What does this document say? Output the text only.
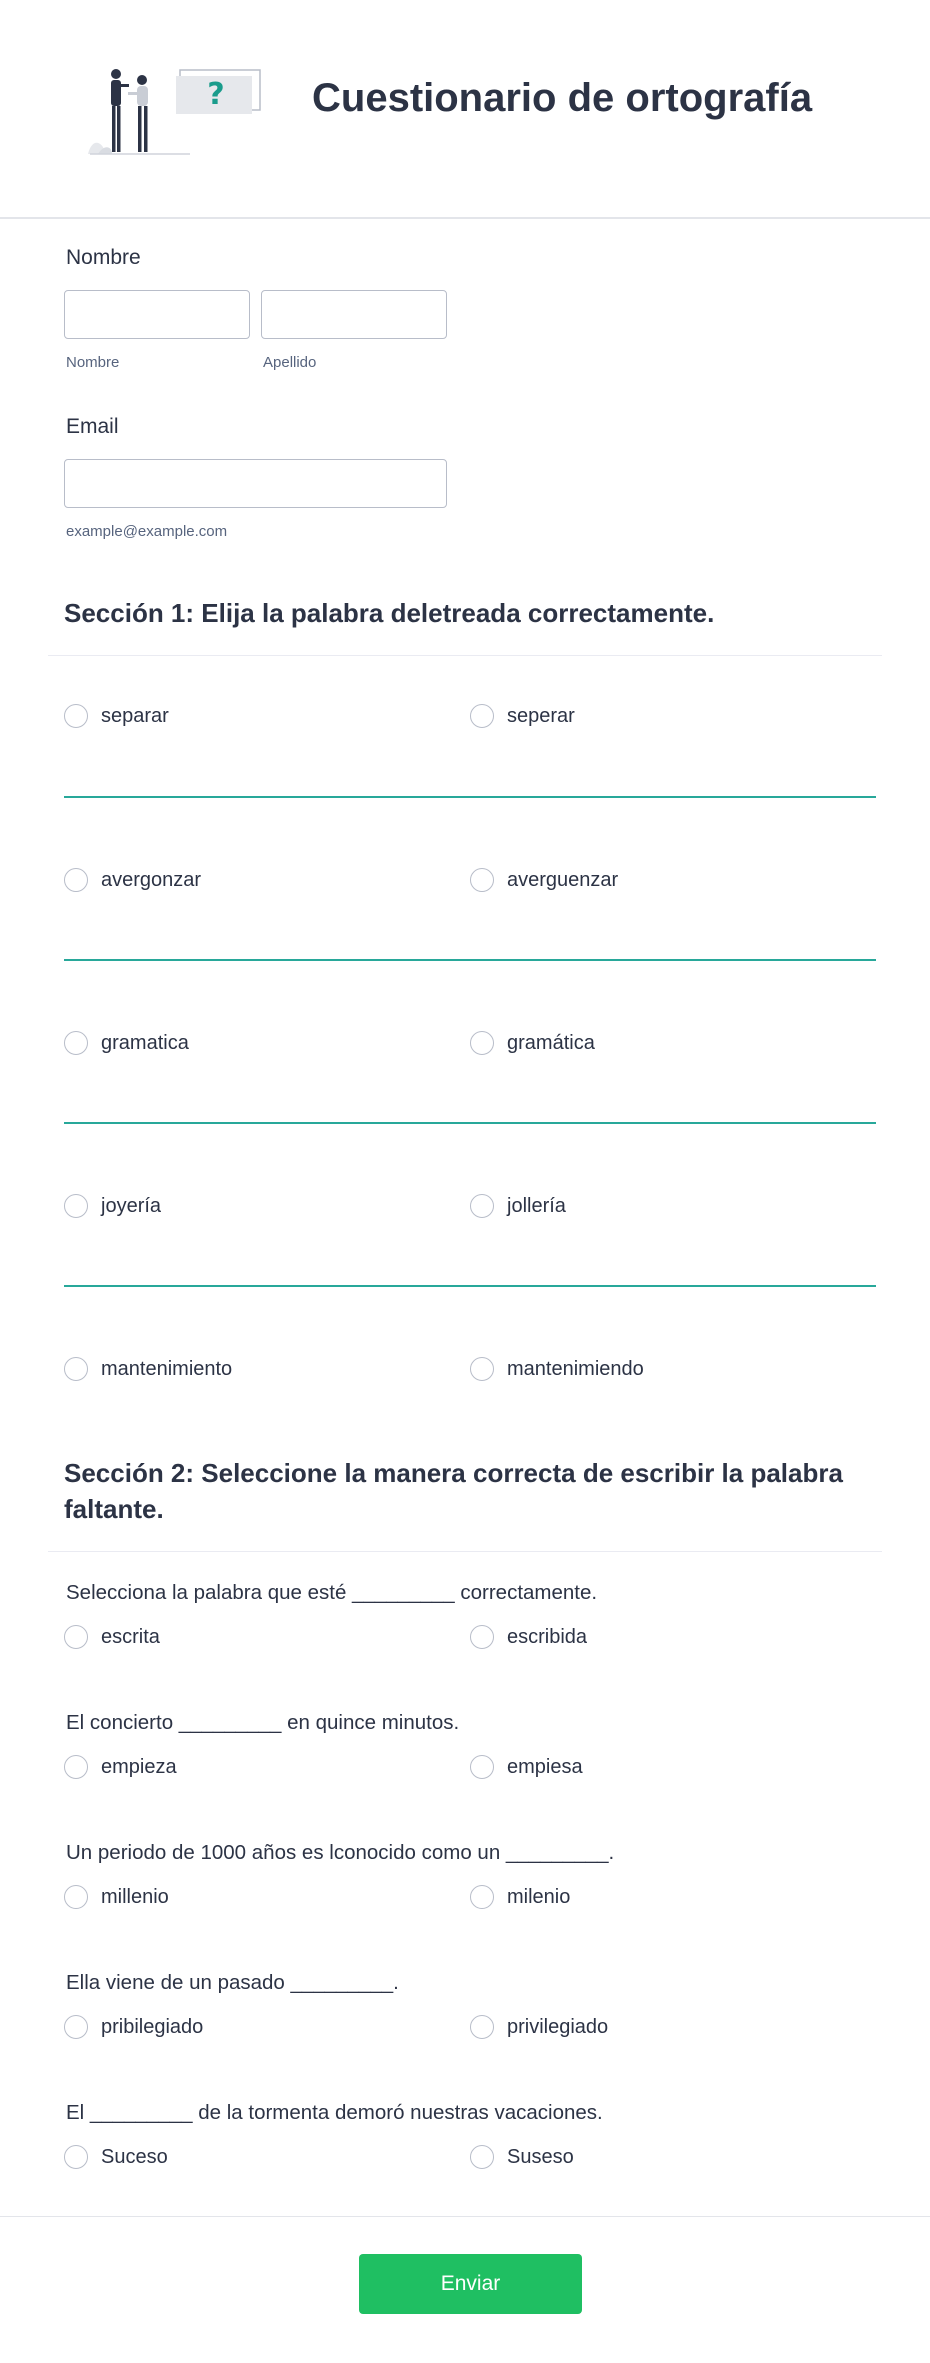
? Cuestionario de ortografía
Nombre
Nombre	Apellido
Email
example@example.com
Sección 1: Elija la palabra deletreada correctamente.
separar	seperar
avergonzar	averguenzar
gramatica	gramática
joyería	jollería
mantenimiento	mantenimiendo
Sección 2: Seleccione la manera correcta de escribir la palabra faltante.
Selecciona la palabra que esté _________ correctamente.
escrita	escribida
El concierto _________ en quince minutos.
empieza	empiesa
Un periodo de 1000 años es lconocido como un _________.
millenio	milenio
Ella viene de un pasado _________.
pribilegiado	privilegiado
El _________ de la tormenta demoró nuestras vacaciones.
Suceso	Suseso
Enviar
